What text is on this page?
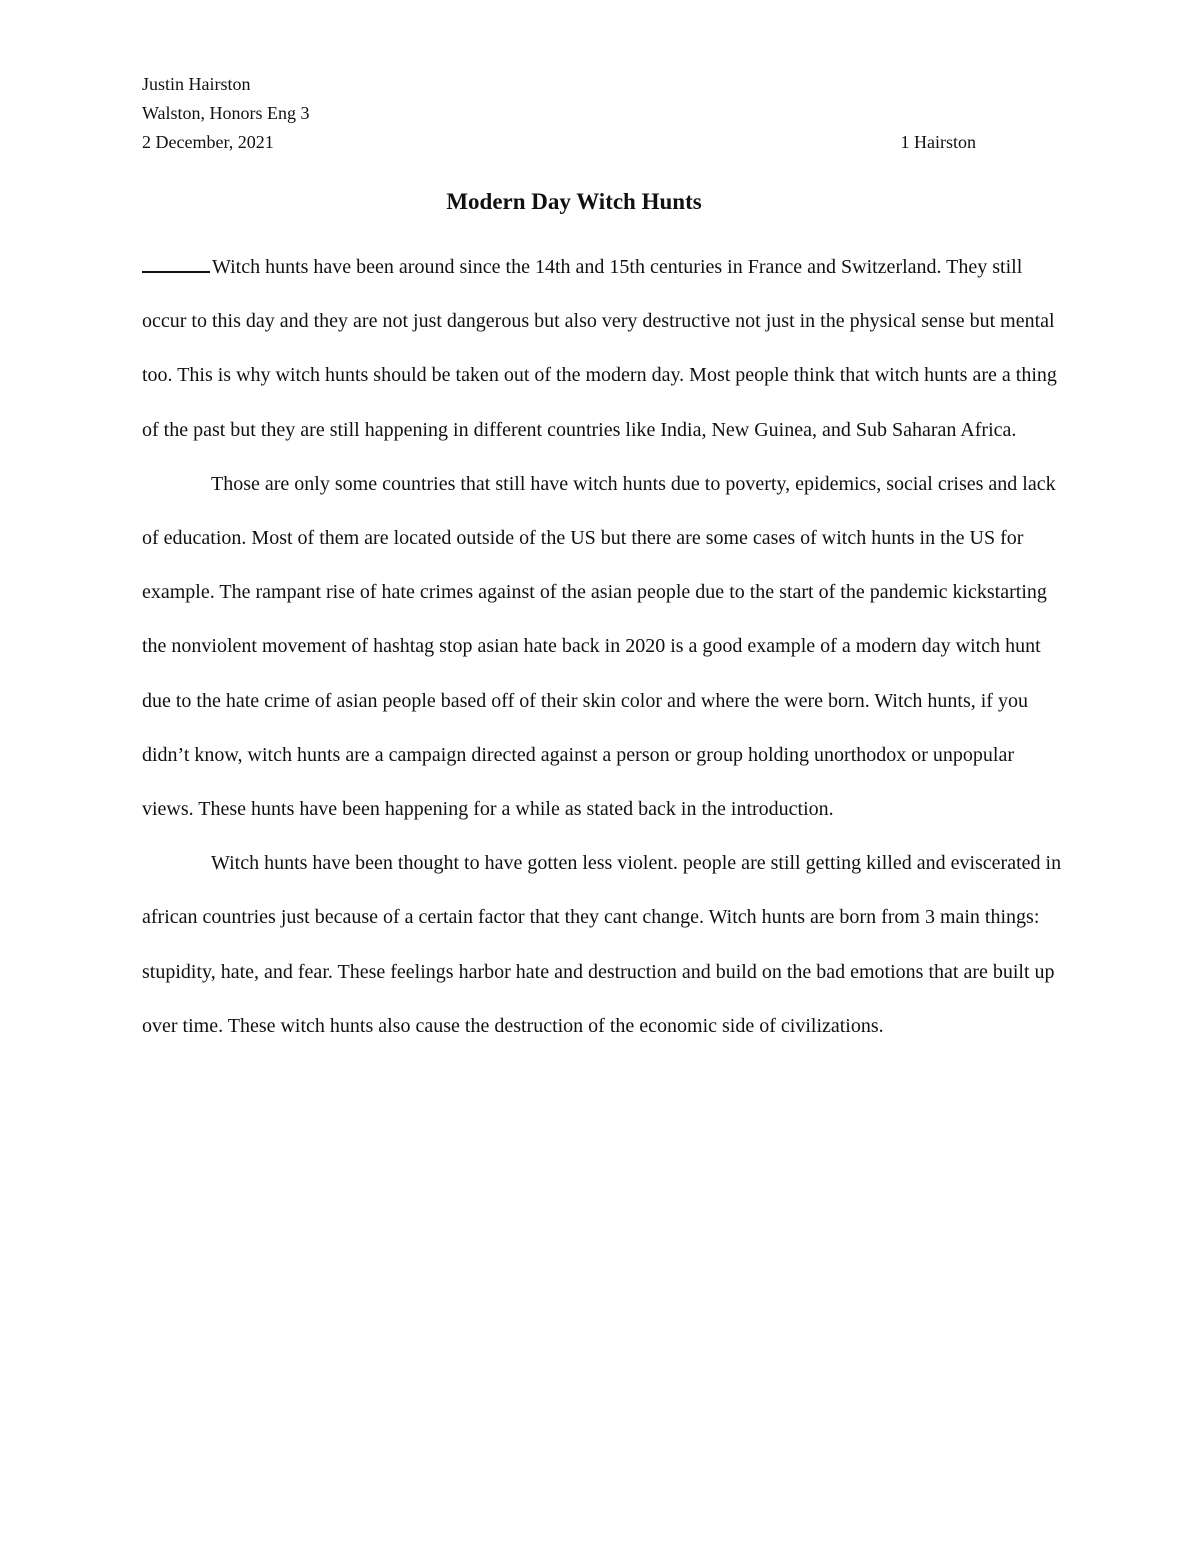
Justin Hairston
Walston, Honors Eng 3
2 December, 2021	1 Hairston
Modern Day Witch Hunts

Witch hunts have been around since the 14th and 15th centuries in France and Switzerland. They still occur to this day and they are not just dangerous but also very destructive not just in the physical sense but mental too. This is why witch hunts should be taken out of the modern day. Most people think that witch hunts are a thing of the past but they are still happening in different countries like India, New Guinea, and Sub Saharan Africa.

Those are only some countries that still have witch hunts due to poverty, epidemics, social crises and lack of education. Most of them are located outside of the US but there are some cases of witch hunts in the US for example. The rampant rise of hate crimes against of the asian people due to the start of the pandemic kickstarting the nonviolent movement of hashtag stop asian hate back in 2020 is a good example of a modern day witch hunt due to the hate crime of asian people based off of their skin color and where the were born. Witch hunts, if you didn’t know, witch hunts are a campaign directed against a person or group holding unorthodox or unpopular views. These hunts have been happening for a while as stated back in the introduction.

Witch hunts have been thought to have gotten less violent. people are still getting killed and eviscerated in african countries just because of a certain factor that they cant change. Witch hunts are born from 3 main things: stupidity, hate, and fear. These feelings harbor hate and destruction and build on the bad emotions that are built up over time. These witch hunts also cause the destruction of the economic side of civilizations.
